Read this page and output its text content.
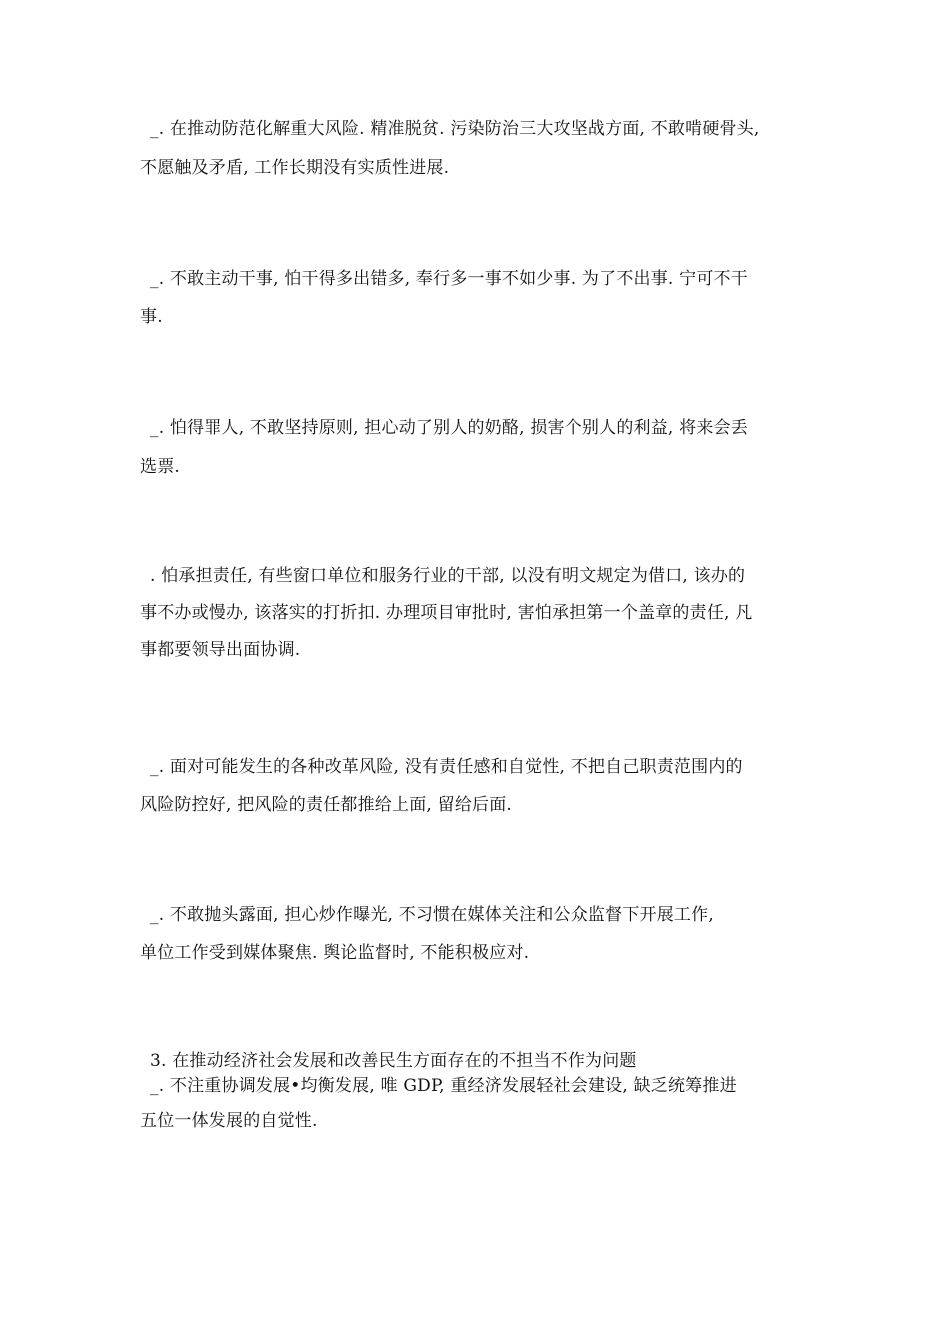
_. 在推动防范化解重大风险. 精准脱贫. 污染防治三大攻坚战方面, 不敢啃硬骨头,
不愿触及矛盾, 工作长期没有实质性进展.
_. 不敢主动干事, 怕干得多出错多, 奉行多一事不如少事. 为了不出事. 宁可不干
事.
_. 怕得罪人, 不敢坚持原则, 担心动了别人的奶酪, 损害个别人的利益, 将来会丢
选票.
. 怕承担责任, 有些窗口单位和服务行业的干部, 以没有明文规定为借口, 该办的
事不办或慢办, 该落实的打折扣. 办理项目审批时, 害怕承担第一个盖章的责任, 凡
事都要领导出面协调.
_. 面对可能发生的各种改革风险, 没有责任感和自觉性, 不把自己职责范围内的
风险防控好, 把风险的责任都推给上面, 留给后面.
_. 不敢抛头露面, 担心炒作曝光, 不习惯在媒体关注和公众监督下开展工作,
单位工作受到媒体聚焦. 舆论监督时, 不能积极应对.
3. 在推动经济社会发展和改善民生方面存在的不担当不作为问题
_. 不注重协调发展•均衡发展, 唯 GDP, 重经济发展轻社会建设, 缺乏统筹推进
五位一体发展的自觉性.
